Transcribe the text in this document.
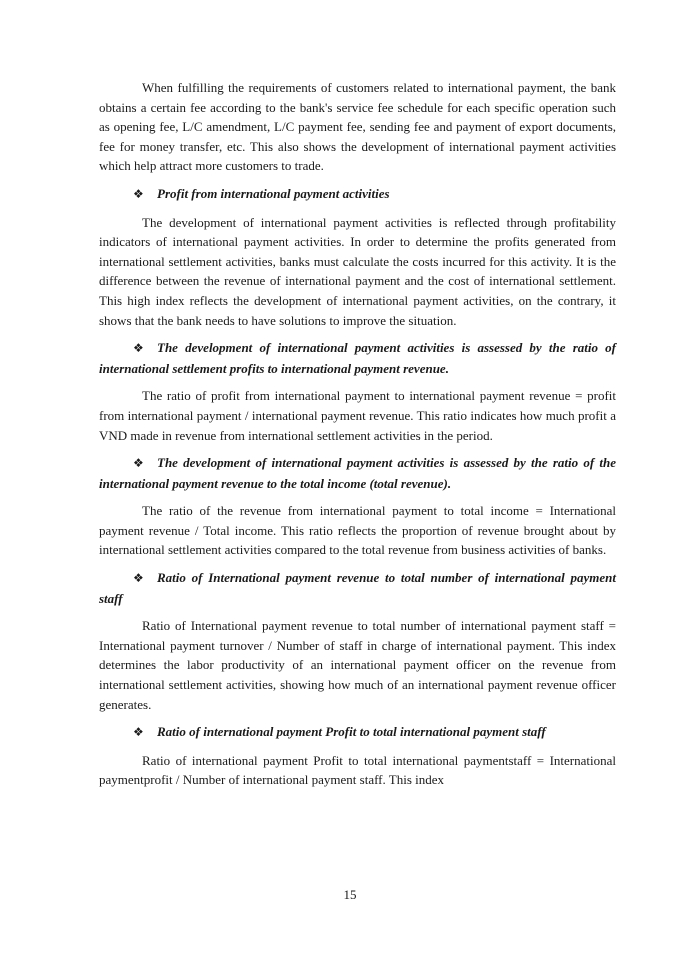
When fulfilling the requirements of customers related to international payment, the bank obtains a certain fee according to the bank's service fee schedule for each specific operation such as opening fee, L/C amendment, L/C payment fee, sending fee and payment of export documents, fee for money transfer, etc. This also shows the development of international payment activities which help attract more customers to trade.

❖ Profit from international payment activities

The development of international payment activities is reflected through profitability indicators of international payment activities. In order to determine the profits generated from international settlement activities, banks must calculate the costs incurred for this activity. It is the difference between the revenue of international payment and the cost of international settlement. This high index reflects the development of international payment activities, on the contrary, it shows that the bank needs to have solutions to improve the situation.

❖ The development of international payment activities is assessed by the ratio of international settlement profits to international payment revenue.

The ratio of profit from international payment to international payment revenue = profit from international payment / international payment revenue. This ratio indicates how much profit a VND made in revenue from international settlement activities in the period.

❖ The development of international payment activities is assessed by the ratio of the international payment revenue to the total income (total revenue).

The ratio of the revenue from international payment to total income = International payment revenue / Total income. This ratio reflects the proportion of revenue brought about by international settlement activities compared to the total revenue from business activities of banks.

❖ Ratio of International payment revenue to total number of international payment staff

Ratio of International payment revenue to total number of international payment staff = International payment turnover / Number of staff in charge of international payment. This index determines the labor productivity of an international payment officer on the revenue from international settlement activities, showing how much of an international payment revenue officer generates.

❖ Ratio of international payment Profit to total international payment staff

Ratio of international payment Profit to total international paymentstaff = International paymentprofit / Number of international payment staff. This index

15
